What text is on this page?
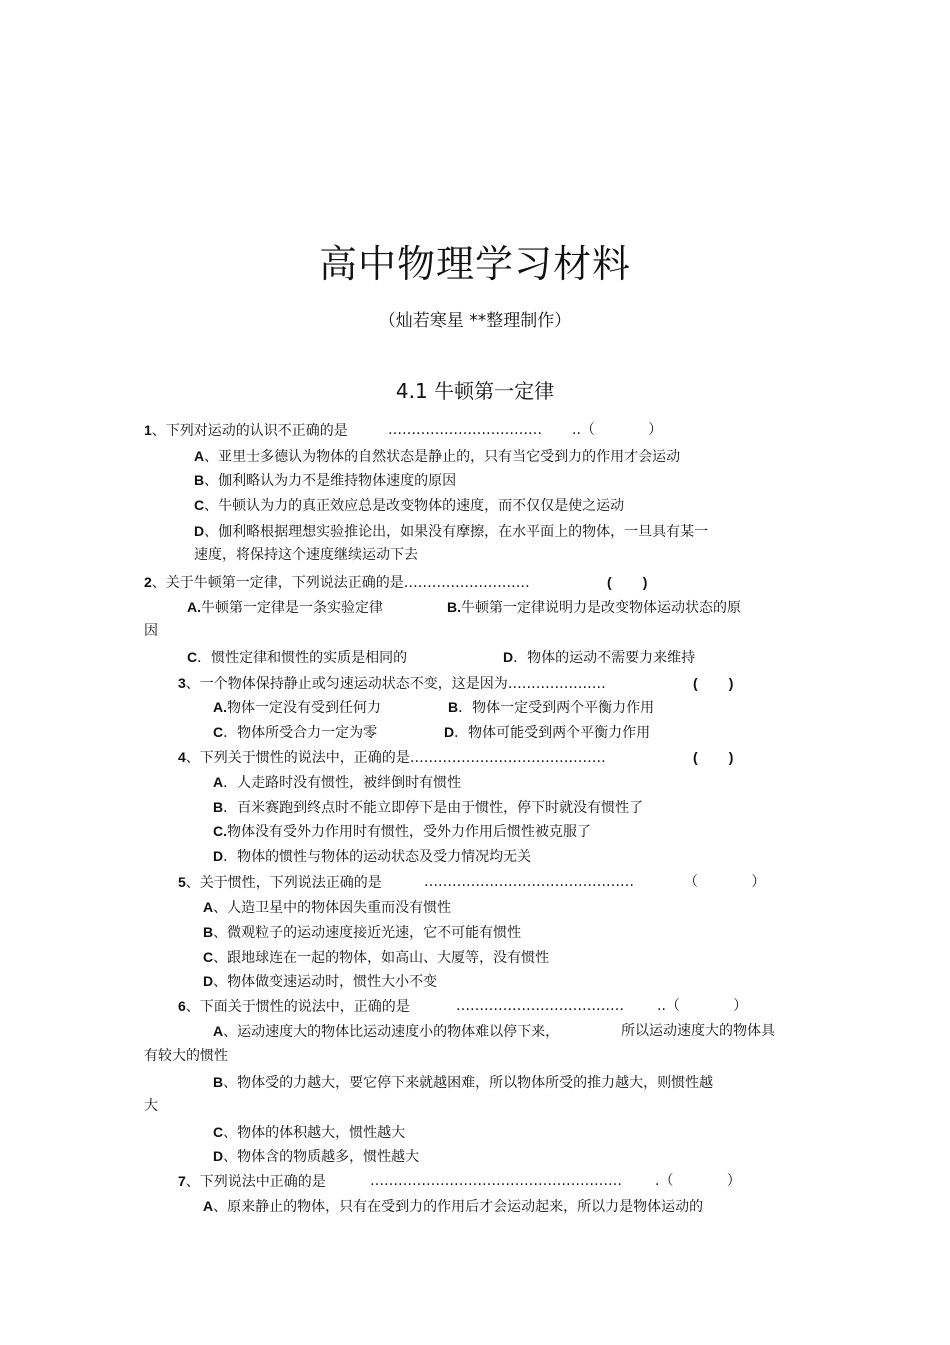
高中物理学习材料
（灿若寒星 **整理制作）
4.1 牛顿第一定律
1、下列对运动的认识不正确的是	…………………………… ..（            ）
A、亚里士多德认为物体的自然状态是静止的，只有当它受到力的作用才会运动
B、伽利略认为力不是维持物体速度的原因
C、牛顿认为力的真正效应总是改变物体的速度，而不仅仅是使之运动
D、伽利略根据理想实验推论出，如果没有摩擦，在水平面上的物体，一旦具有某一
速度，将保持这个速度继续运动下去
2、关于牛顿第一定律，下列说法正确的是………………………	(        )
A.牛顿第一定律是一条实验定律	B.牛顿第一定律说明力是改变物体运动状态的原
因
C．惯性定律和惯性的实质是相同的	D．物体的运动不需要力来维持
3、一个物体保持静止或匀速运动状态不变，这是因为…………………	(        )
A.物体一定没有受到任何力	B．物体一定受到两个平衡力作用
C．物体所受合力一定为零	D．物体可能受到两个平衡力作用
4、下列关于惯性的说法中，正确的是……………………………………	(        )
A．人走路时没有惯性，被绊倒时有惯性
B．百米赛跑到终点时不能立即停下是由于惯性，停下时就没有惯性了
C.物体没有受外力作用时有惯性，受外力作用后惯性被克服了
D．物体的惯性与物体的运动状态及受力情况均无关
5、关于惯性，下列说法正确的是	………………………………………	（            ）
A、人造卫星中的物体因失重而没有惯性
B、微观粒子的运动速度接近光速，它不可能有惯性
C、跟地球连在一起的物体，如高山、大厦等，没有惯性
D、物体做变速运动时，惯性大小不变
6、下面关于惯性的说法中，正确的是	……………………………… ..（            ）
A、运动速度大的物体比运动速度小的物体难以停下来，	所以运动速度大的物体具
有较大的惯性
B、物体受的力越大，要它停下来就越困难，所以物体所受的推力越大，则惯性越
大
C、物体的体积越大，惯性越大
D、物体含的物质越多，惯性越大
7、下列说法中正确的是	……………………………………………… .（            ）
A、原来静止的物体，只有在受到力的作用后才会运动起来，所以力是物体运动的
